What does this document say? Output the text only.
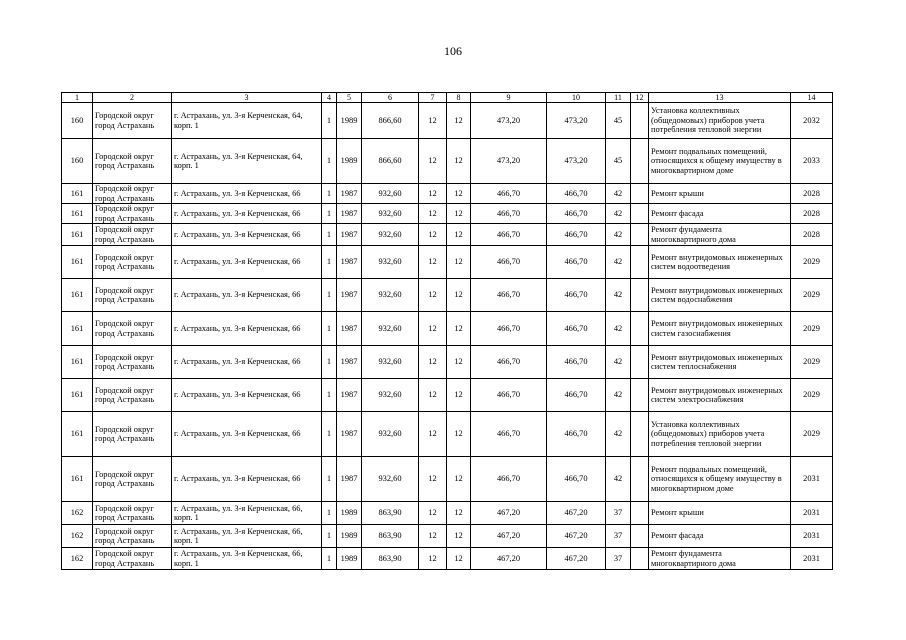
106
1	2	3	4	5	6	7	8	9	10	11	12	13	14
160	Городской округ город Астрахань	г. Астрахань, ул. 3-я Керченская, 64, корп. 1	1	1989	866,60	12	12	473,20	473,20	45		Установка коллективных (общедомовых) приборов учета потребления тепловой энергии	2032
160	Городской округ город Астрахань	г. Астрахань, ул. 3-я Керченская, 64, корп. 1	1	1989	866,60	12	12	473,20	473,20	45		Ремонт подвальных помещений, относящихся к общему имуществу в многоквартирном доме	2033
161	Городской округ город Астрахань	г. Астрахань, ул. 3-я Керченская, 66	1	1987	932,60	12	12	466,70	466,70	42		Ремонт крыши	2028
161	Городской округ город Астрахань	г. Астрахань, ул. 3-я Керченская, 66	1	1987	932,60	12	12	466,70	466,70	42		Ремонт фасада	2028
161	Городской округ город Астрахань	г. Астрахань, ул. 3-я Керченская, 66	1	1987	932,60	12	12	466,70	466,70	42		Ремонт фундамента многоквартирного дома	2028
161	Городской округ город Астрахань	г. Астрахань, ул. 3-я Керченская, 66	1	1987	932,60	12	12	466,70	466,70	42		Ремонт внутридомовых инженерных систем водоотведения	2029
161	Городской округ город Астрахань	г. Астрахань, ул. 3-я Керченская, 66	1	1987	932,60	12	12	466,70	466,70	42		Ремонт внутридомовых инженерных систем водоснабжения	2029
161	Городской округ город Астрахань	г. Астрахань, ул. 3-я Керченская, 66	1	1987	932,60	12	12	466,70	466,70	42		Ремонт внутридомовых инженерных систем газоснабжения	2029
161	Городской округ город Астрахань	г. Астрахань, ул. 3-я Керченская, 66	1	1987	932,60	12	12	466,70	466,70	42		Ремонт внутридомовых инженерных систем теплоснабжения	2029
161	Городской округ город Астрахань	г. Астрахань, ул. 3-я Керченская, 66	1	1987	932,60	12	12	466,70	466,70	42		Ремонт внутридомовых инженерных систем электроснабжения	2029
161	Городской округ город Астрахань	г. Астрахань, ул. 3-я Керченская, 66	1	1987	932,60	12	12	466,70	466,70	42		Установка коллективных (общедомовых) приборов учета потребления тепловой энергии	2029
161	Городской округ город Астрахань	г. Астрахань, ул. 3-я Керченская, 66	1	1987	932,60	12	12	466,70	466,70	42		Ремонт подвальных помещений, относящихся к общему имуществу в многоквартирном доме	2031
162	Городской округ город Астрахань	г. Астрахань, ул. 3-я Керченская, 66, корп. 1	1	1989	863,90	12	12	467,20	467,20	37		Ремонт крыши	2031
162	Городской округ город Астрахань	г. Астрахань, ул. 3-я Керченская, 66, корп. 1	1	1989	863,90	12	12	467,20	467,20	37		Ремонт фасада	2031
162	Городской округ город Астрахань	г. Астрахань, ул. 3-я Керченская, 66, корп. 1	1	1989	863,90	12	12	467,20	467,20	37		Ремонт фундамента многоквартирного дома	2031
